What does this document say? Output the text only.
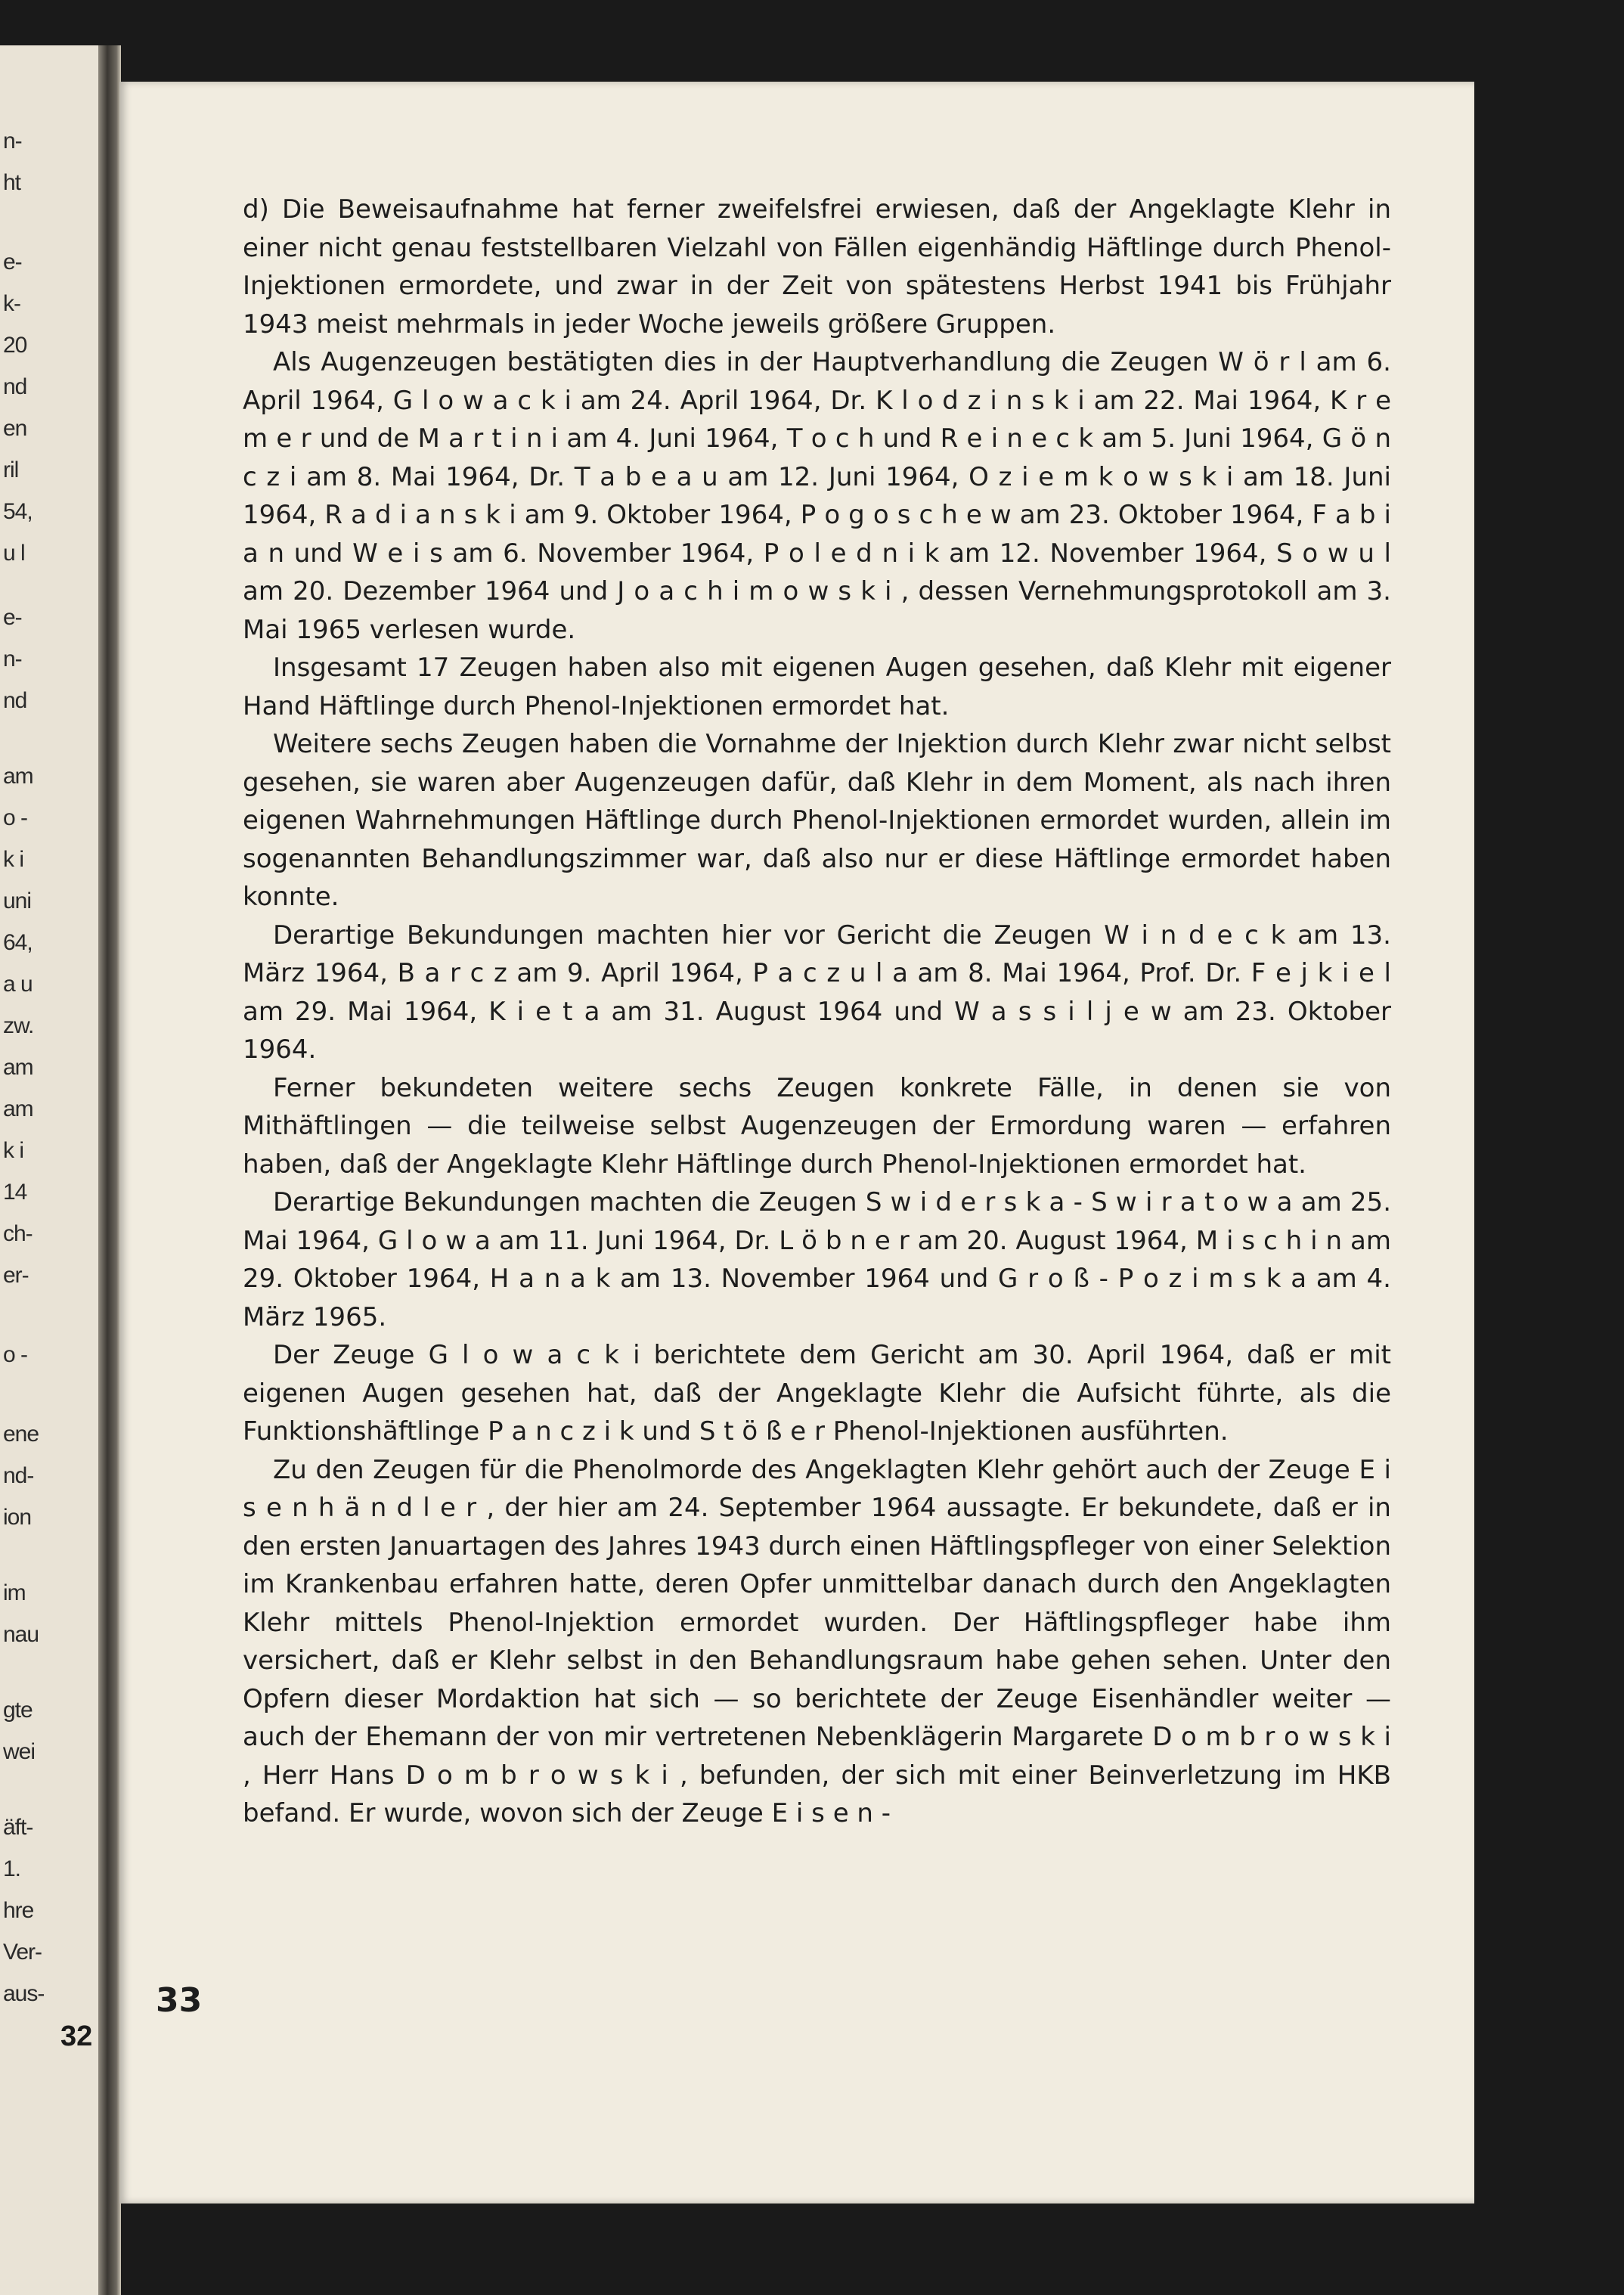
n-
ht
e-
k-
20
nd
en
ril
54,
u l
e-
n-
nd
am
o -
k i
uni
64,
a u
zw.
am
am
k i
14
ch-
er-
o -
ene
nd-
ion
im
nau
gte
wei
äft-
1.
hre
Ver-
aus-
32

d) Die Beweisaufnahme hat ferner zweifelsfrei erwiesen, daß der Angeklagte Klehr in einer nicht genau feststellbaren Vielzahl von Fällen eigenhändig Häftlinge durch Phenol-Injektionen ermordete, und zwar in der Zeit von spätestens Herbst 1941 bis Frühjahr 1943 meist mehrmals in jeder Woche jeweils größere Gruppen.

Als Augenzeugen bestätigten dies in der Hauptverhandlung die Zeugen W ö r l am 6. April 1964, G l o w a c k i am 24. April 1964, Dr. K l o d z i n s k i am 22. Mai 1964, K r e m e r und de M a r t i n i am 4. Juni 1964, T o c h und R e i n e c k am 5. Juni 1964, G ö n c z i am 8. Mai 1964, Dr. T a b e a u am 12. Juni 1964, O z i e m k o w s k i am 18. Juni 1964, R a d i a n s k i am 9. Oktober 1964, P o g o s c h e w am 23. Oktober 1964, F a b i a n und W e i s am 6. November 1964, P o l e d n i k am 12. November 1964, S o w u l am 20. Dezember 1964 und J o a c h i m o w s k i , dessen Vernehmungsprotokoll am 3. Mai 1965 verlesen wurde.

Insgesamt 17 Zeugen haben also mit eigenen Augen gesehen, daß Klehr mit eigener Hand Häftlinge durch Phenol-Injektionen ermordet hat.

Weitere sechs Zeugen haben die Vornahme der Injektion durch Klehr zwar nicht selbst gesehen, sie waren aber Augenzeugen dafür, daß Klehr in dem Moment, als nach ihren eigenen Wahrnehmungen Häftlinge durch Phenol-Injektionen ermordet wurden, allein im sogenannten Behandlungszimmer war, daß also nur er diese Häftlinge ermordet haben konnte.

Derartige Bekundungen machten hier vor Gericht die Zeugen W i n d e c k am 13. März 1964, B a r c z am 9. April 1964, P a c z u l a am 8. Mai 1964, Prof. Dr. F e j k i e l am 29. Mai 1964, K i e t a am 31. August 1964 und W a s s i l j e w am 23. Oktober 1964.

Ferner bekundeten weitere sechs Zeugen konkrete Fälle, in denen sie von Mithäftlingen — die teilweise selbst Augenzeugen der Ermordung waren — erfahren haben, daß der Angeklagte Klehr Häftlinge durch Phenol-Injektionen ermordet hat.

Derartige Bekundungen machten die Zeugen S w i d e r s k a - S w i r a t o w a am 25. Mai 1964, G l o w a am 11. Juni 1964, Dr. L ö b n e r am 20. August 1964, M i s c h i n am 29. Oktober 1964, H a n a k am 13. November 1964 und G r o ß - P o z i m s k a am 4. März 1965.

Der Zeuge G l o w a c k i berichtete dem Gericht am 30. April 1964, daß er mit eigenen Augen gesehen hat, daß der Angeklagte Klehr die Aufsicht führte, als die Funktionshäftlinge P a n c z i k und S t ö ß e r Phenol-Injektionen ausführten.

Zu den Zeugen für die Phenolmorde des Angeklagten Klehr gehört auch der Zeuge E i s e n h ä n d l e r , der hier am 24. September 1964 aussagte. Er bekundete, daß er in den ersten Januartagen des Jahres 1943 durch einen Häftlingspfleger von einer Selektion im Krankenbau erfahren hatte, deren Opfer unmittelbar danach durch den Angeklagten Klehr mittels Phenol-Injektion ermordet wurden. Der Häftlingspfleger habe ihm versichert, daß er Klehr selbst in den Behandlungsraum habe gehen sehen. Unter den Opfern dieser Mordaktion hat sich — so berichtete der Zeuge Eisenhändler weiter — auch der Ehemann der von mir vertretenen Nebenklägerin Margarete D o m b r o w s k i , Herr Hans D o m b r o w s k i , befunden, der sich mit einer Beinverletzung im HKB befand. Er wurde, wovon sich der Zeuge E i s e n -

33
